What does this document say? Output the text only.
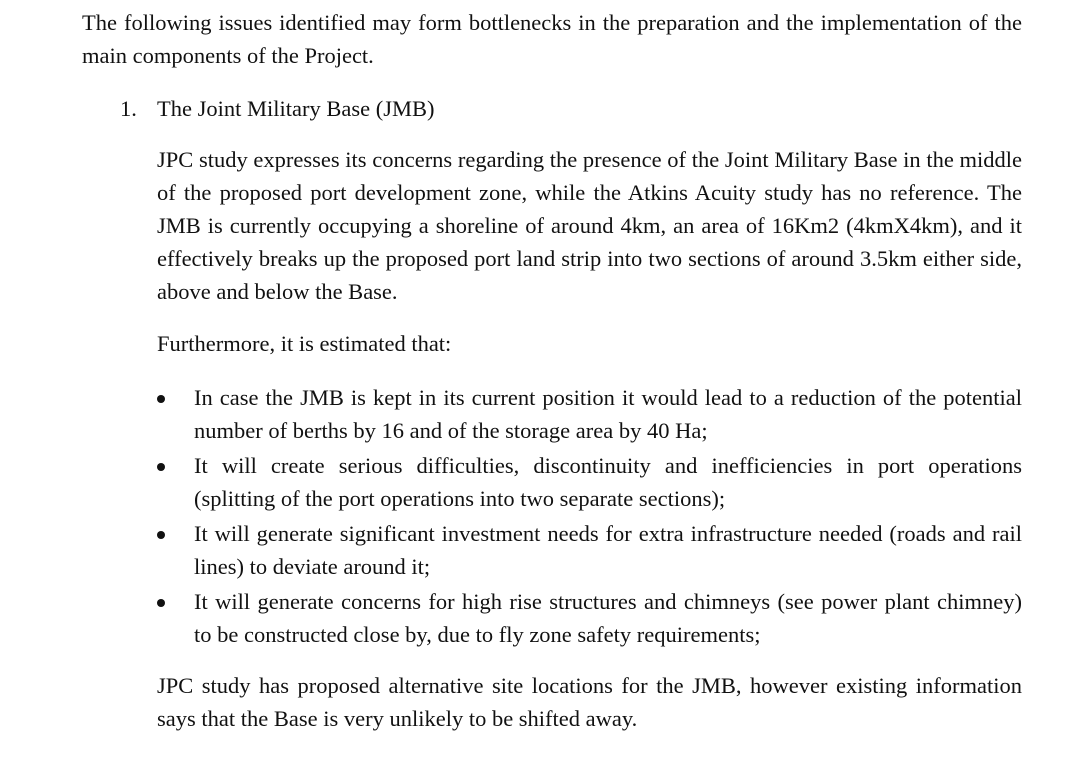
The following issues identified may form bottlenecks in the preparation and the implementation of the main components of the Project.

1. The Joint Military Base (JMB)

JPC study expresses its concerns regarding the presence of the Joint Military Base in the middle of the proposed port development zone, while the Atkins Acuity study has no reference. The JMB is currently occupying a shoreline of around 4km, an area of 16Km2 (4kmX4km), and it effectively breaks up the proposed port land strip into two sections of around 3.5km either side, above and below the Base.

Furthermore, it is estimated that:

In case the JMB is kept in its current position it would lead to a reduction of the potential number of berths by 16 and of the storage area by 40 Ha;
It will create serious difficulties, discontinuity and inefficiencies in port operations (splitting of the port operations into two separate sections);
It will generate significant investment needs for extra infrastructure needed (roads and rail lines) to deviate around it;
It will generate concerns for high rise structures and chimneys (see power plant chimney) to be constructed close by, due to fly zone safety requirements;

JPC study has proposed alternative site locations for the JMB, however existing information says that the Base is very unlikely to be shifted away.
